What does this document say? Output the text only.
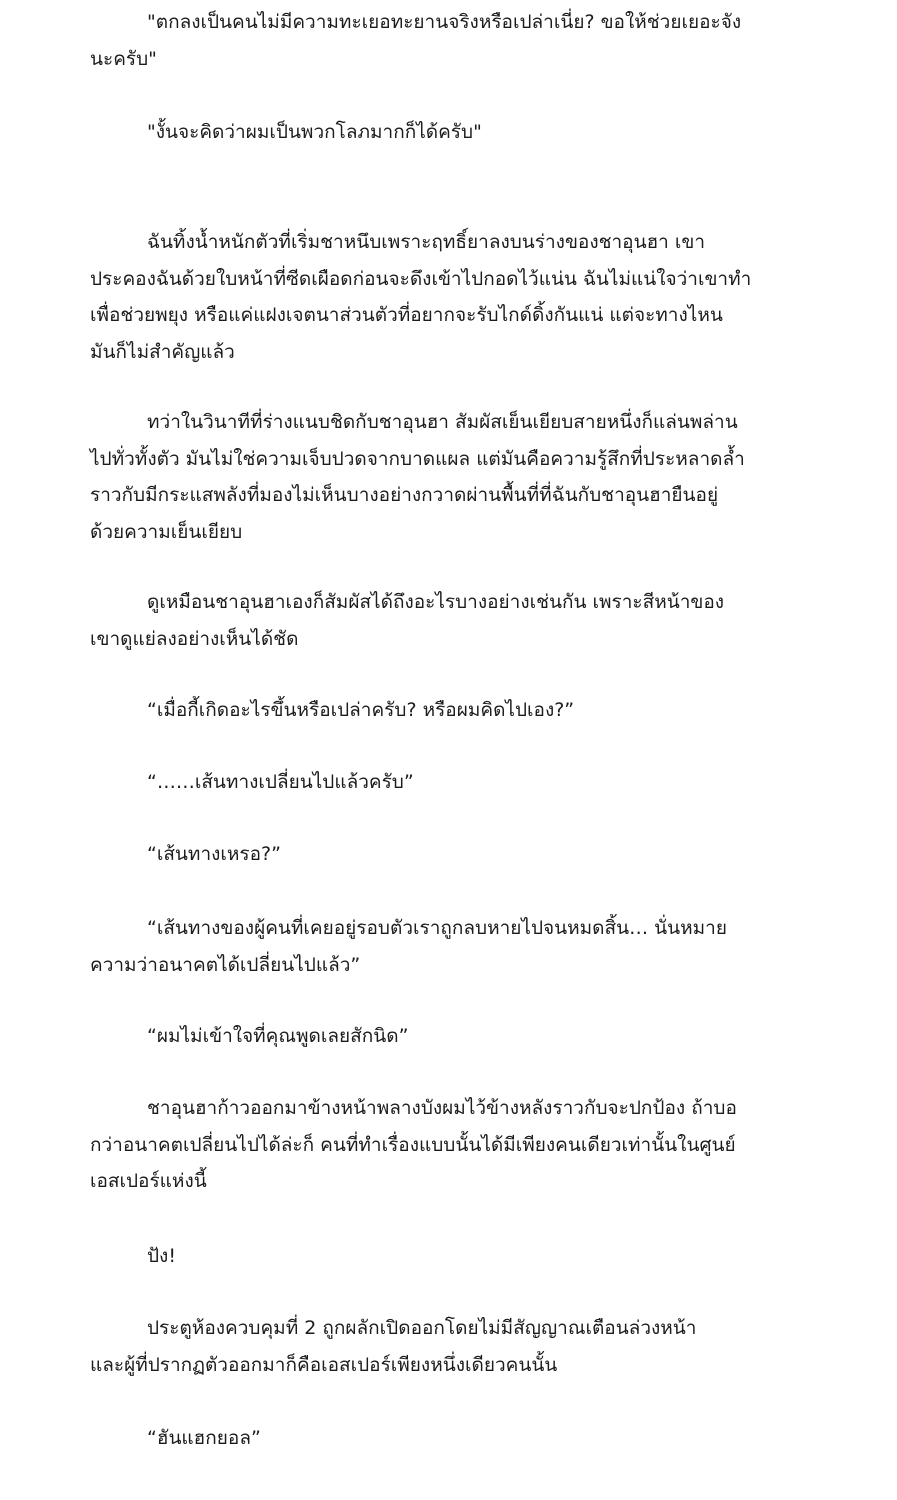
"ตกลงเป็นคนไม่มีความทะเยอทะยานจริงหรือเปล่าเนี่ย? ขอให้ช่วยเยอะจัง
นะครับ"
"งั้นจะคิดว่าผมเป็นพวกโลภมากก็ได้ครับ"
ฉันทิ้งน้ำหนักตัวที่เริ่มชาหนึบเพราะฤทธิ์ยาลงบนร่างของชาอุนฮา เขา
ประคองฉันด้วยใบหน้าที่ซีดเผือดก่อนจะดึงเข้าไปกอดไว้แน่น ฉันไม่แน่ใจว่าเขาทำ
เพื่อช่วยพยุง หรือแค่แฝงเจตนาส่วนตัวที่อยากจะรับไกด์ดิ้งกันแน่ แต่จะทางไหน
มันก็ไม่สำคัญแล้ว
ทว่าในวินาทีที่ร่างแนบชิดกับชาอุนฮา สัมผัสเย็นเยียบสายหนึ่งก็แล่นพล่าน
ไปทั่วทั้งตัว มันไม่ใช่ความเจ็บปวดจากบาดแผล แต่มันคือความรู้สึกที่ประหลาดล้ำ
ราวกับมีกระแสพลังที่มองไม่เห็นบางอย่างกวาดผ่านพื้นที่ที่ฉันกับชาอุนฮายืนอยู่
ด้วยความเย็นเยียบ
ดูเหมือนชาอุนฮาเองก็สัมผัสได้ถึงอะไรบางอย่างเช่นกัน เพราะสีหน้าของ
เขาดูแย่ลงอย่างเห็นได้ชัด
“เมื่อกี้เกิดอะไรขึ้นหรือเปล่าครับ? หรือผมคิดไปเอง?”
“……เส้นทางเปลี่ยนไปแล้วครับ”
“เส้นทางเหรอ?”
“เส้นทางของผู้คนที่เคยอยู่รอบตัวเราถูกลบหายไปจนหมดสิ้น… นั่นหมาย
ความว่าอนาคตได้เปลี่ยนไปแล้ว”
“ผมไม่เข้าใจที่คุณพูดเลยสักนิด”
ชาอุนฮาก้าวออกมาข้างหน้าพลางบังผมไว้ข้างหลังราวกับจะปกป้อง ถ้าบอ
กว่าอนาคตเปลี่ยนไปได้ล่ะก็ คนที่ทำเรื่องแบบนั้นได้มีเพียงคนเดียวเท่านั้นในศูนย์
เอสเปอร์แห่งนี้
ปัง!
ประตูห้องควบคุมที่ 2 ถูกผลักเปิดออกโดยไม่มีสัญญาณเตือนล่วงหน้า
และผู้ที่ปรากฏตัวออกมาก็คือเอสเปอร์เพียงหนึ่งเดียวคนนั้น
“ฮันแฮกยอล”
